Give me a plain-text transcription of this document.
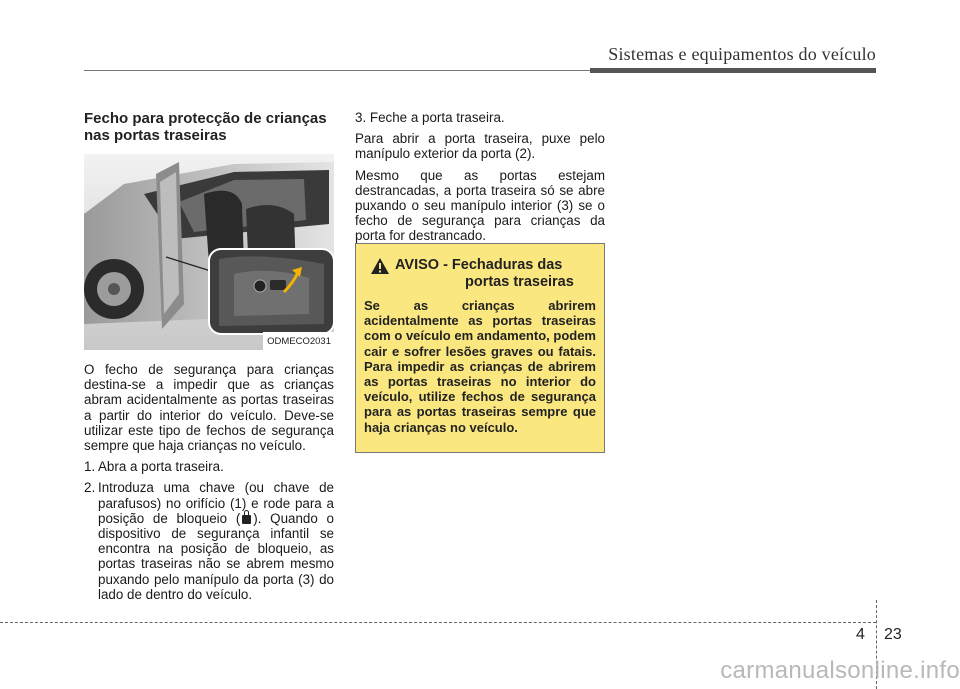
Sistemas e equipamentos do veículo
Fecho para protecção de crianças
nas portas traseiras
ODMECO2031

O fecho de segurança para crianças destina-se a impedir que as crianças abram acidentalmente as portas traseiras a partir do interior do veículo. Deve-se utilizar este tipo de fechos de segurança sempre que haja crianças no veículo.

1. Abra a porta traseira.
2. Introduza uma chave (ou chave de parafusos) no orifício (1) e rode para a posição de bloqueio ( ). Quando o dispositivo de segurança infantil se encontra na posição de bloqueio, as portas traseiras não se abrem mesmo puxando pelo manípulo da porta (3) do lado de dentro do veículo.

3. Feche a porta traseira.

Para abrir a porta traseira, puxe pelo manípulo exterior da porta (2).

Mesmo que as portas estejam destrancadas, a porta traseira só se abre puxando o seu manípulo interior (3) se o fecho de segurança para crianças da porta for destrancado.

AVISO - Fechaduras das
portas traseiras
Se as crianças abrirem acidentalmente as portas traseiras com o veículo em andamento, podem cair e sofrer lesões graves ou fatais. Para impedir as crianças de abrirem as portas traseiras no interior do veículo, utilize fechos de segurança para as portas traseiras sempre que haja crianças no veículo.
4 23
carmanualsonline.info
